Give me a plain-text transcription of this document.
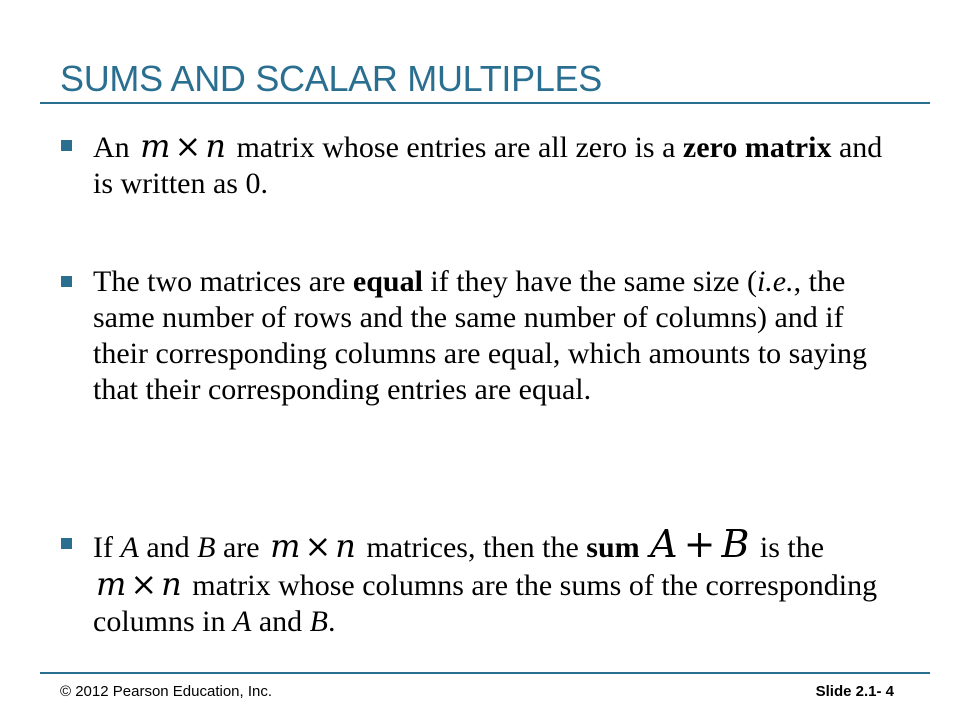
SUMS AND SCALAR MULTIPLES
An m × n matrix whose entries are all zero is a zero matrix and is written as 0.
The two matrices are equal if they have the same size (i.e., the same number of rows and the same number of columns) and if their corresponding columns are equal, which amounts to saying that their corresponding entries are equal.
If A and B are m × n matrices, then the sum A + B is the m × n matrix whose columns are the sums of the corresponding columns in A and B.
© 2012 Pearson Education, Inc.	Slide 2.1- 4
